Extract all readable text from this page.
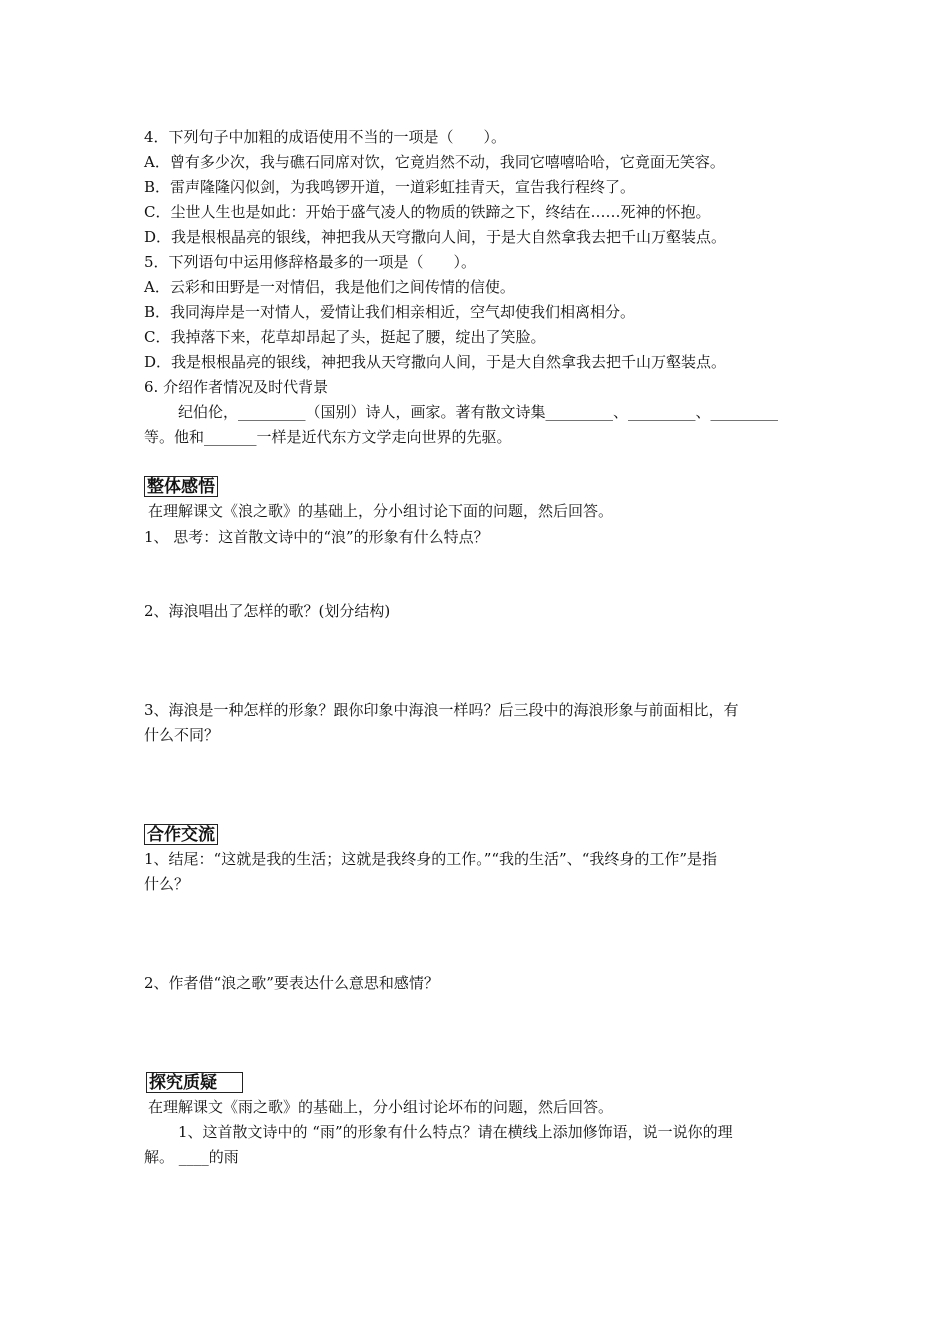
4．下列句子中加粗的成语使用不当的一项是（　　）。
A．曾有多少次，我与礁石同席对饮，它竟岿然不动，我同它嘻嘻哈哈，它竟面无笑容。
B．雷声隆隆闪似剑，为我鸣锣开道，一道彩虹挂青天，宣告我行程终了。
C．尘世人生也是如此：开始于盛气凌人的物质的铁蹄之下，终结在……死神的怀抱。
D．我是根根晶亮的银线，神把我从天穹撒向人间，于是大自然拿我去把千山万壑装点。
5．下列语句中运用修辞格最多的一项是（　　）。
A．云彩和田野是一对情侣，我是他们之间传情的信使。
B．我同海岸是一对情人，爱情让我们相亲相近，空气却使我们相离相分。
C．我掉落下来，花草却昂起了头，挺起了腰，绽出了笑脸。
D．我是根根晶亮的银线，神把我从天穹撒向人间，于是大自然拿我去把千山万壑装点。
6. 介绍作者情况及时代背景
纪伯伦，_________（国别）诗人，画家。著有散文诗集_________、_________、_________
等。他和_______一样是近代东方文学走向世界的先驱。
整体感悟
在理解课文《浪之歌》的基础上，分小组讨论下面的问题，然后回答。
1、 思考：这首散文诗中的“浪”的形象有什么特点？
2、海浪唱出了怎样的歌？(划分结构)
3、海浪是一种怎样的形象？跟你印象中海浪一样吗？后三段中的海浪形象与前面相比，有
什么不同？
合作交流
1、结尾：“这就是我的生活；这就是我终身的工作。”“我的生活”、“我终身的工作”是指
什么？
2、作者借“浪之歌”要表达什么意思和感情？
探究质疑
在理解课文《雨之歌》的基础上，分小组讨论坏布的问题，然后回答。
1、这首散文诗中的 “雨”的形象有什么特点？请在横线上添加修饰语，说一说你的理
解。 ____的雨
